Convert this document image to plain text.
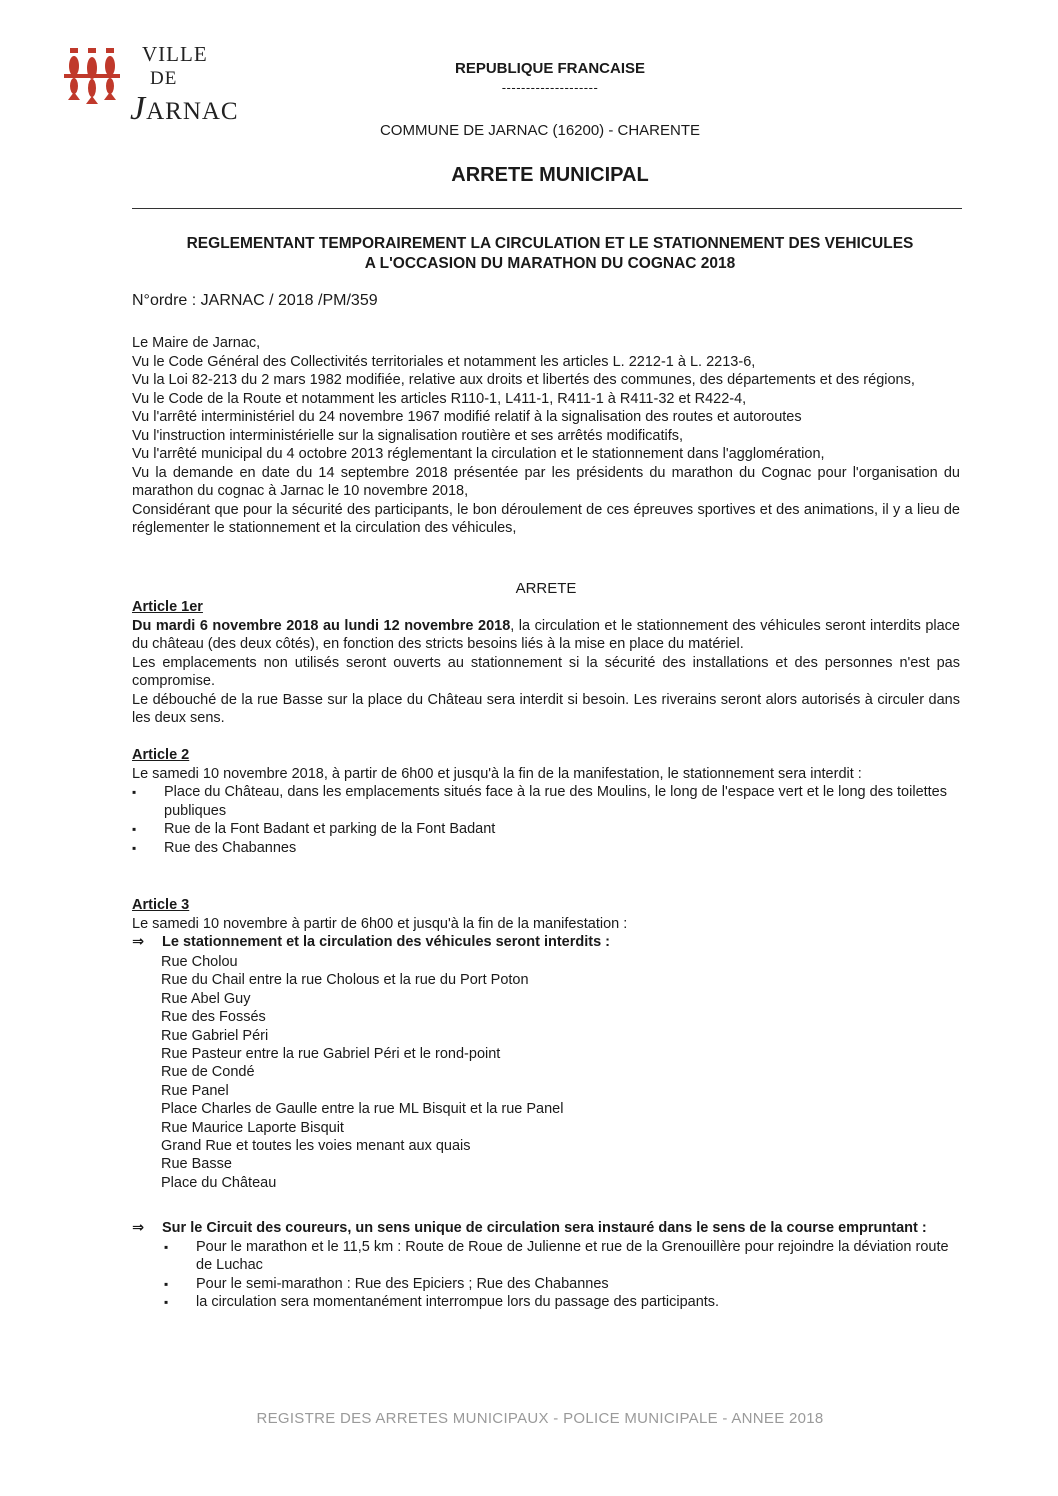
VILLE
DE
JARNAC
REPUBLIQUE FRANCAISE
--------------------
COMMUNE DE JARNAC (16200) - CHARENTE
ARRETE MUNICIPAL
REGLEMENTANT TEMPORAIREMENT LA CIRCULATION ET LE STATIONNEMENT DES VEHICULES
A L'OCCASION DU MARATHON DU COGNAC 2018
N°ordre : JARNAC / 2018 /PM/359

Le Maire de Jarnac,

Vu le Code Général des Collectivités territoriales et notamment les articles L. 2212-1 à L. 2213-6,

Vu la Loi 82-213 du 2 mars 1982 modifiée, relative aux droits et libertés des communes, des départements et des régions,

Vu le Code de la Route et notamment les articles R110-1, L411-1, R411-1 à R411-32 et R422-4,

Vu l'arrêté interministériel du 24 novembre 1967 modifié relatif à la signalisation des routes et autoroutes

Vu l'instruction interministérielle sur la signalisation routière et ses arrêtés modificatifs,

Vu l'arrêté municipal du 4 octobre 2013 réglementant la circulation et le stationnement dans l'agglomération,

Vu la demande en date du 14 septembre 2018 présentée par les présidents du marathon du Cognac pour l'organisation du marathon du cognac à Jarnac le 10 novembre 2018,

Considérant que pour la sécurité des participants, le bon déroulement de ces épreuves sportives et des animations, il y a lieu de réglementer le stationnement et la circulation des véhicules,

ARRETE
Article 1er

Du mardi 6 novembre 2018 au lundi 12 novembre 2018, la circulation et le stationnement des véhicules seront interdits place du château (des deux côtés), en fonction des stricts besoins liés à la mise en place du matériel.

Les emplacements non utilisés seront ouverts au stationnement si la sécurité des installations et des personnes n'est pas compromise.

Le débouché de la rue Basse sur la place du Château sera interdit si besoin. Les riverains seront alors autorisés à circuler dans les deux sens.

Article 2

Le samedi 10 novembre 2018, à partir de 6h00 et jusqu'à la fin de la manifestation, le stationnement sera interdit :

▪ Place du Château, dans les emplacements situés face à la rue des Moulins, le long de l'espace vert et le long des toilettes publiques
▪ Rue de la Font Badant et parking de la Font Badant
▪ Rue des Chabannes
Article 3

Le samedi 10 novembre à partir de 6h00 et jusqu'à la fin de la manifestation :

⇒ Le stationnement et la circulation des véhicules seront interdits :
Rue Cholou
Rue du Chail entre la rue Cholous et la rue du Port Poton
Rue Abel Guy
Rue des Fossés
Rue Gabriel Péri
Rue Pasteur entre la rue Gabriel Péri et le rond-point
Rue de Condé
Rue Panel
Place Charles de Gaulle entre la rue ML Bisquit et la rue Panel
Rue Maurice Laporte Bisquit
Grand Rue et toutes les voies menant aux quais
Rue Basse
Place du Château
⇒ Sur le Circuit des coureurs, un sens unique de circulation sera instauré dans le sens de la course empruntant :
▪ Pour le marathon et le 11,5 km : Route de Roue de Julienne et rue de la Grenouillère pour rejoindre la déviation route de Luchac
▪ Pour le semi-marathon : Rue des Epiciers ; Rue des Chabannes
▪ la circulation sera momentanément interrompue lors du passage des participants.
REGISTRE DES ARRETES MUNICIPAUX - POLICE MUNICIPALE - ANNEE 2018
